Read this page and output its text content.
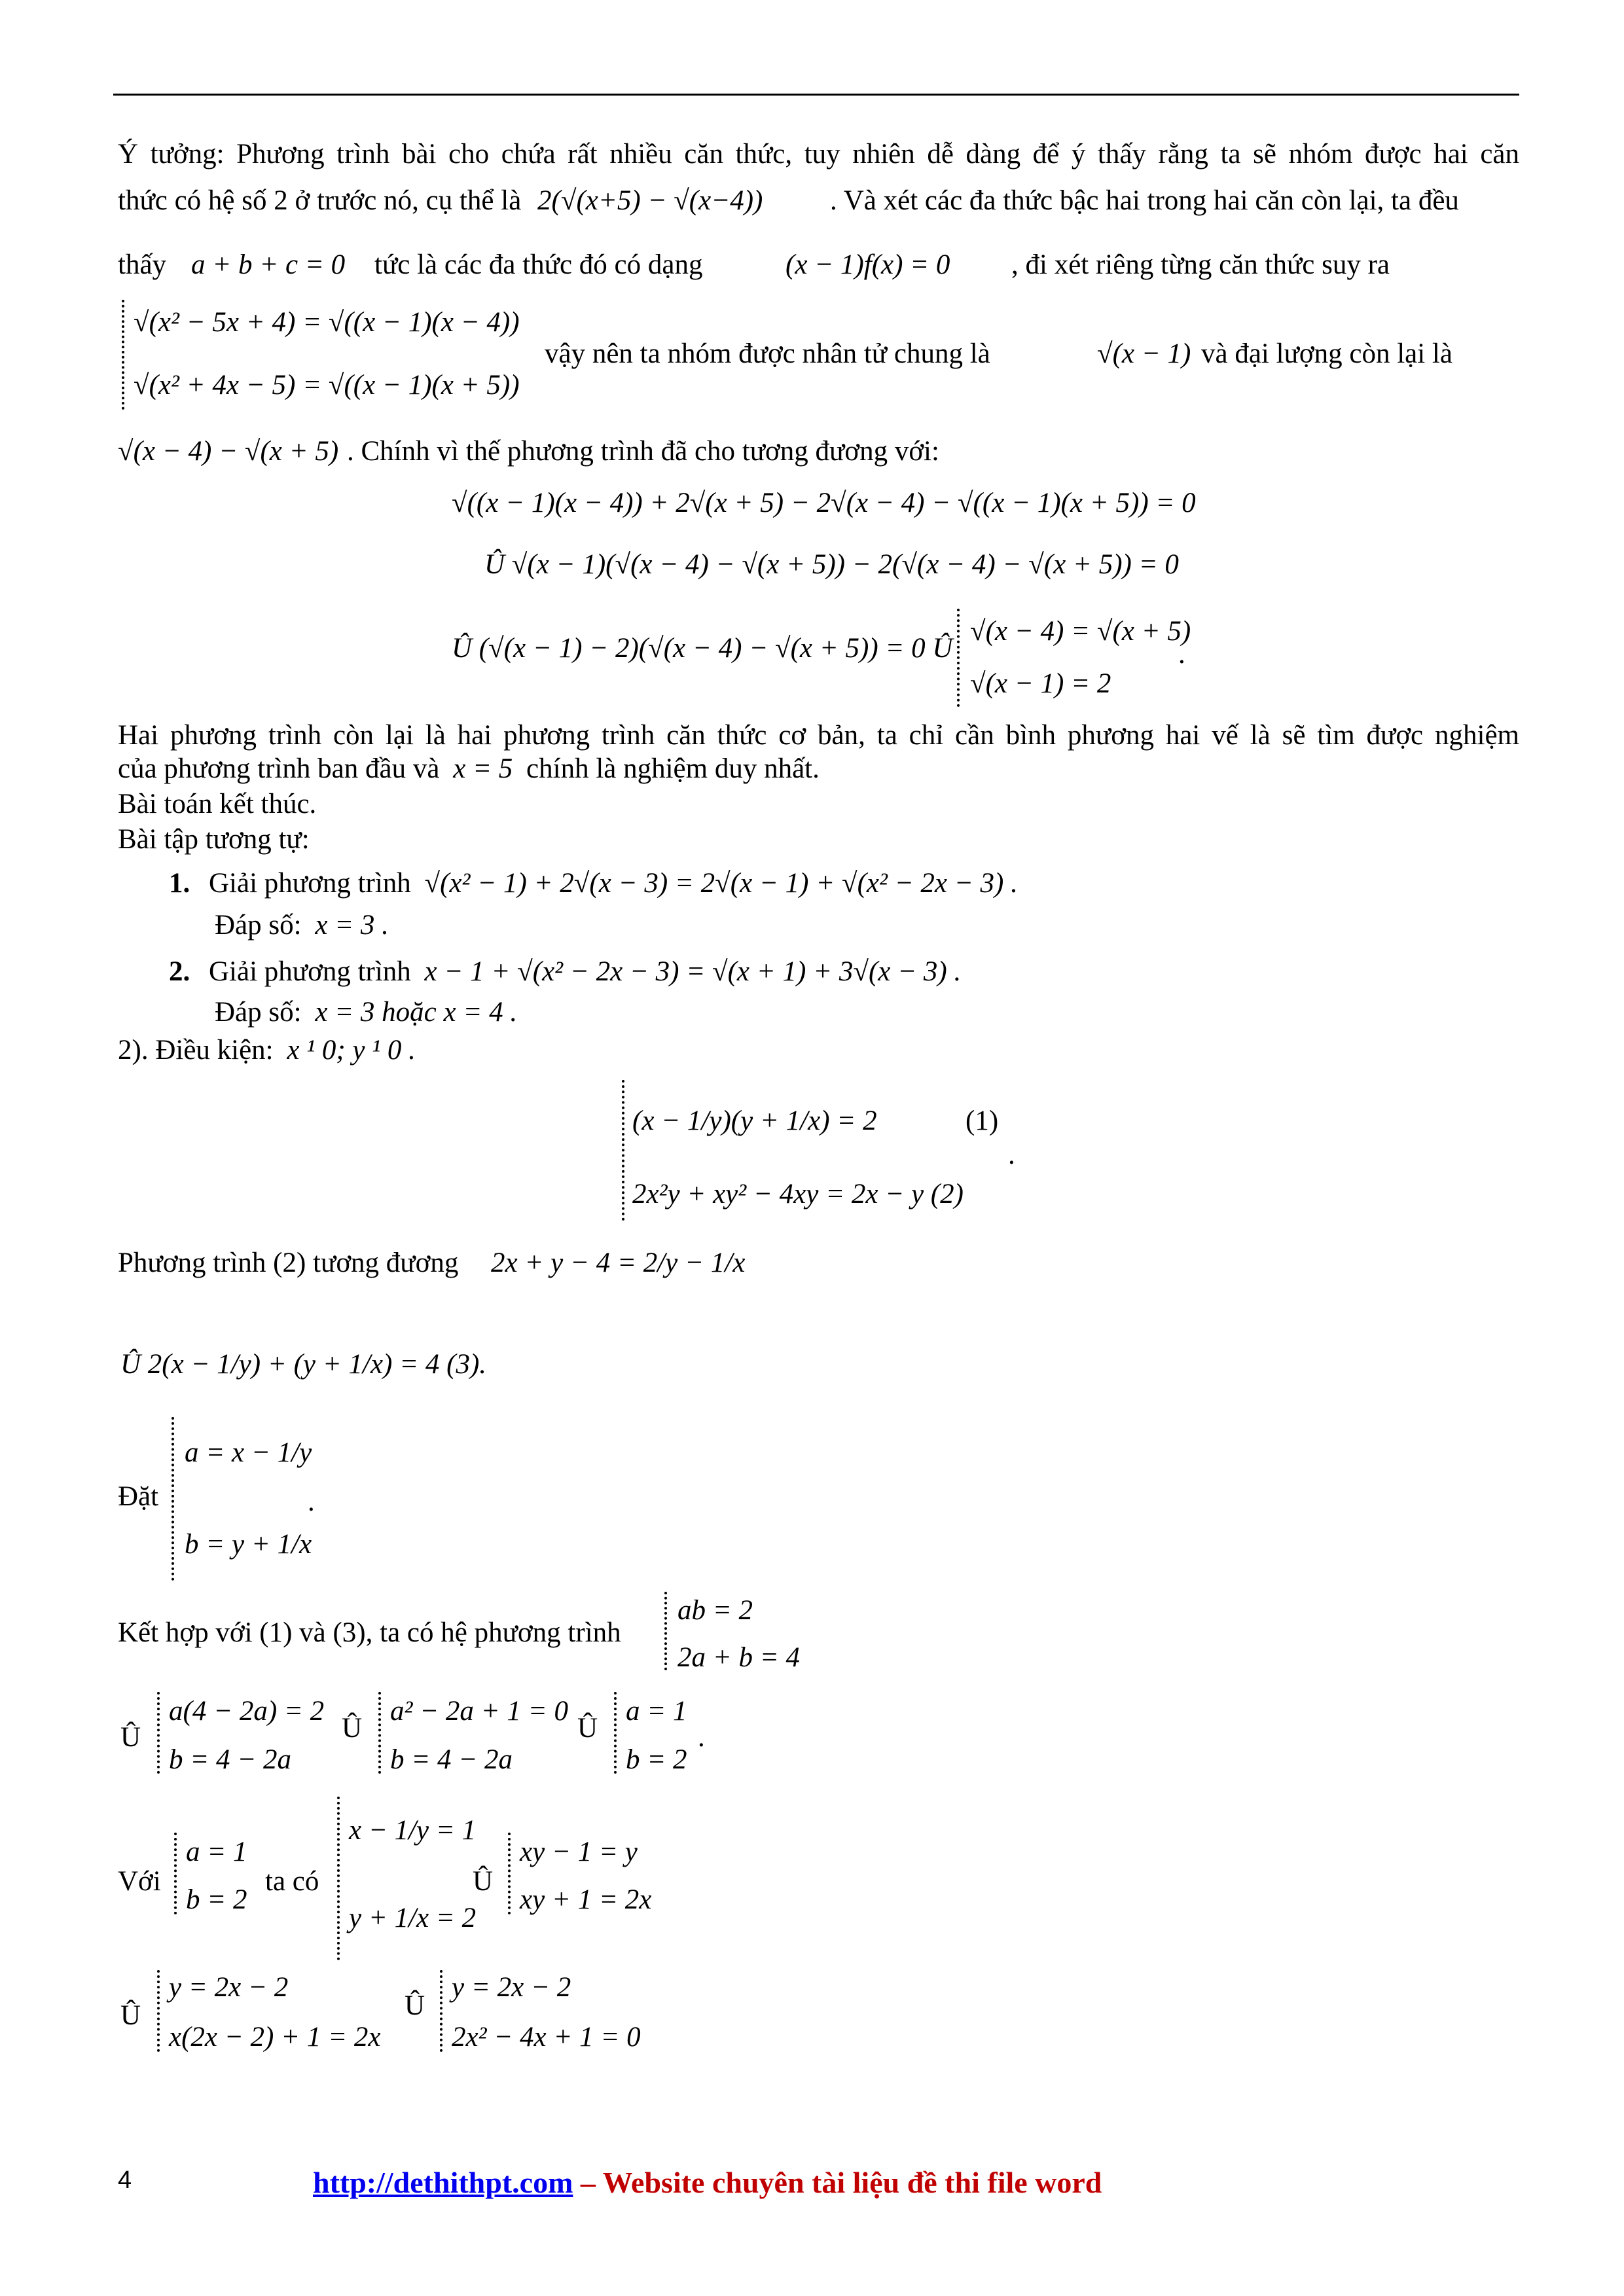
Ý tưởng: Phương trình bài cho chứa rất nhiều căn thức, tuy nhiên dễ dàng để ý thấy rằng ta sẽ nhóm được hai căn
thức có hệ số 2 ở trước nó, cụ thể là 2(√(x+5) − √(x−4)) . Và xét các đa thức bậc hai trong hai căn còn lại, ta đều
thấy a + b + c = 0 tức là các đa thức đó có dạng	(x − 1)f(x) = 0 , đi xét riêng từng căn thức suy ra
√(x² − 5x + 4) = √((x − 1)(x − 4))
√(x² + 4x − 5) = √((x − 1)(x + 5))
vậy nên ta nhóm được nhân tử chung là	√(x − 1) và đại lượng còn lại là
√(x − 4) − √(x + 5) . Chính vì thế phương trình đã cho tương đương với:
√((x − 1)(x − 4)) + 2√(x + 5) − 2√(x − 4) − √((x − 1)(x + 5)) = 0
Û √(x − 1)(√(x − 4) − √(x + 5)) − 2(√(x − 4) − √(x + 5)) = 0
Û (√(x − 1) − 2)(√(x − 4) − √(x + 5)) = 0 Û
√(x − 4) = √(x + 5)
√(x − 1) = 2
.
Hai phương trình còn lại là hai phương trình căn thức cơ bản, ta chỉ cần bình phương hai vế là sẽ tìm được nghiệm
của phương trình ban đầu và x = 5 chính là nghiệm duy nhất.
Bài toán kết thúc.
Bài tập tương tự:
1. Giải phương trình √(x² − 1) + 2√(x − 3) = 2√(x − 1) + √(x² − 2x − 3) .
Đáp số: x = 3 .
2. Giải phương trình x − 1 + √(x² − 2x − 3) = √(x + 1) + 3√(x − 3) .
Đáp số: x = 3 hoặc x = 4 .
2). Điều kiện: x ¹ 0; y ¹ 0 .
(x − 1/y)(y + 1/x) = 2	(1)
2x²y + xy² − 4xy = 2x − y (2)
.
Phương trình (2) tương đương 2x + y − 4 = 2/y − 1/x
Û 2(x − 1/y) + (y + 1/x) = 4 (3).
Đặt
a = x − 1/y
b = y + 1/x
.
Kết hợp với (1) và (3), ta có hệ phương trình
ab = 2
2a + b = 4
Û
a(4 − 2a) = 2
b = 4 − 2a
Û
a² − 2a + 1 = 0
b = 4 − 2a
Û
a = 1
b = 2
.
Với
a = 1
b = 2
ta có
x − 1/y = 1
y + 1/x = 2
Û
xy − 1 = y
xy + 1 = 2x
Û
y = 2x − 2
x(2x − 2) + 1 = 2x
Û
y = 2x − 2
2x² − 4x + 1 = 0
4	http://dethithpt.com – Website chuyên tài liệu đề thi file word
